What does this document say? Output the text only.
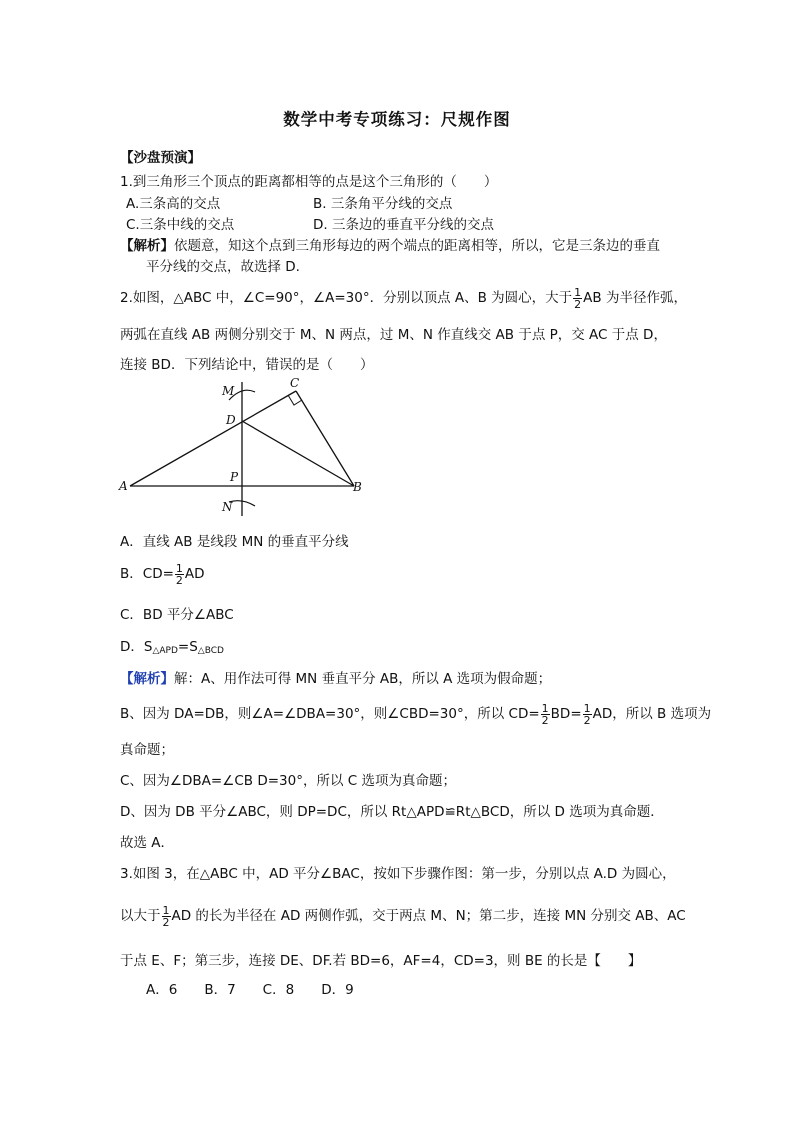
数学中考专项练习：尺规作图
【沙盘预演】
1.到三角形三个顶点的距离都相等的点是这个三角形的（　　）
A.三条高的交点	B. 三条角平分线的交点
C.三条中线的交点	D. 三条边的垂直平分线的交点
【解析】依题意，知这个点到三角形每边的两个端点的距离相等，所以，它是三条边的垂直
平分线的交点，故选择 D.
2.如图，△ABC 中，∠C=90°，∠A=30°．分别以顶点 A、B 为圆心，大于 $\frac{1}{2}$ AB 为半径作弧，
两弧在直线 AB 两侧分别交于 M、N 两点，过 M、N 作直线交 AB 于点 P，交 AC 于点 D，
连接 BD．下列结论中，错误的是（　　）
M
C
D
P
A	B
N
A．直线 AB 是线段 MN 的垂直平分线
B．$CD= \frac{1}{2}$ AD
C．BD 平分∠ABC
D．$S_{\triangle APD}=S_{\triangle BCD}$
【解析】解：A、用作法可得 MN 垂直平分 AB，所以 A 选项为假命题；
B、因为 DA=DB，则∠A=∠DBA=30°，则∠CBD=30°，所以 $CD= \frac{1}{2} BD= \frac{1}{2}$ AD，所以 B 选项为
真命题；
C、因为∠DBA=∠CB D=30°，所以 C 选项为真命题；
D、因为 DB 平分∠ABC，则 DP=DC，所以 Rt△APD≌Rt△BCD，所以 D 选项为真命题．
故选 A．
3.如图 3，在△ABC 中，AD 平分∠BAC，按如下步骤作图：第一步，分别以点 A.D 为圆心，
以大于 $\frac{1}{2}$ AD 的长为半径在 AD 两侧作弧，交于两点 M、N；第二步，连接 MN 分别交 AB、AC
于点 E、F；第三步，连接 DE、DF.若 BD=6，AF=4，CD=3，则 BE 的长是【　　】
A．6　　B．7　　C．8　　D．9
